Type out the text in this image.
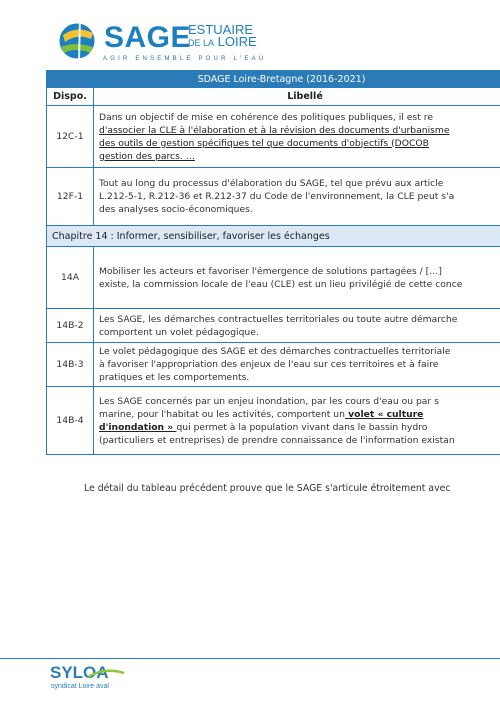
SAGE
ESTUAIRE
DE LA LOIRE
AGIR ENSEMBLE POUR L'EAU
SDAGE Loire-Bretagne (2016-2021)	
Dispo.	Libellé
12C-1	Dans un objectif de mise en cohérence des politiques publiques, il est re
d'associer la CLE à l'élaboration et à la révision des documents d'urbanisme
des outils de gestion spécifiques tel que documents d'objectifs (DOCOB
gestion des parcs. …

12F-1	Tout au long du processus d'élaboration du SAGE, tel que prévu aux article
L.212-5-1, R.212-36 et R.212-37 du Code de l'environnement, la CLE peut s'a
des analyses socio-économiques.

Chapitre 14 : Informer, sensibiliser, favoriser les échanges	
14A	Mobiliser les acteurs et favoriser l'émergence de solutions partagées / […]
existe, la commission locale de l'eau (CLE) est un lieu privilégié de cette conce

14B-2	Les SAGE, les démarches contractuelles territoriales ou toute autre démarche
comportent un volet pédagogique.

14B-3	Le volet pédagogique des SAGE et des démarches contractuelles territoriale
à favoriser l'appropriation des enjeux de l'eau sur ces territoires et à faire
pratiques et les comportements.

14B-4	Les SAGE concernés par un enjeu inondation, par les cours d'eau ou par s
marine, pour l'habitat ou les activités, comportent un volet « culture
d'inondation » qui permet à la population vivant dans le bassin hydro
(particuliers et entreprises) de prendre connaissance de l'information existan
Le détail du tableau précédent prouve que le SAGE s'articule étroitement avec
SYLOA
syndicat Loire aval
